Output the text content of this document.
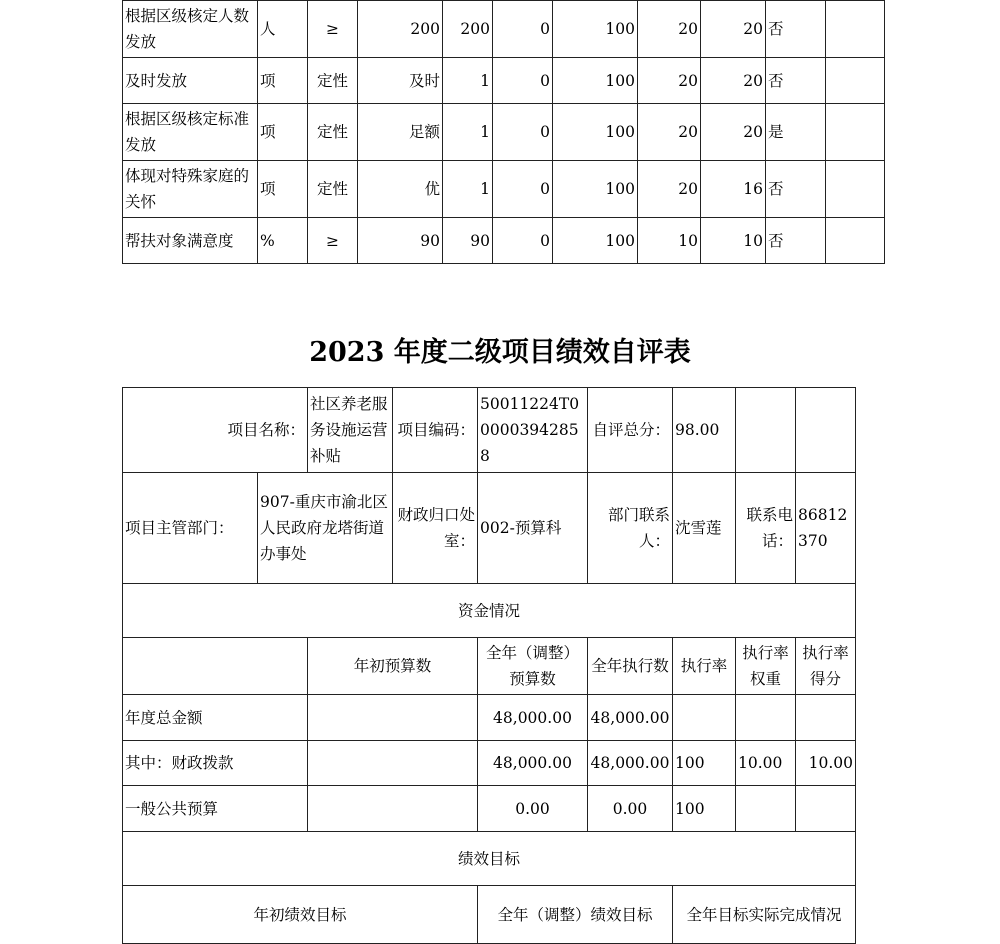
根据区级核定人数发放	人	≥	200	200	0	100	20	20	否	
及时发放	项	定性	及时	1	0	100	20	20	否	
根据区级核定标准发放	项	定性	足额	1	0	100	20	20	是	
体现对特殊家庭的关怀	项	定性	优	1	0	100	20	16	否	
帮扶对象满意度	%	≥	90	90	0	100	10	10	否	
2023 年度二级项目绩效自评表
项目名称：		社区养老服务设施运营补贴	项目编码：	50011224T000003942858	自评总分：	98.00		
项目主管部门：	907-重庆市渝北区人民政府龙塔街道办事处		财政归口处室：	002-预算科	部门联系人：	沈雪莲	联系电话：	86812370
资金情况								
		年初预算数		全年（调整）预算数	全年执行数	执行率	执行率权重	执行率得分
年度总金额				48,000.00	48,000.00			
其中：财政拨款				48,000.00	48,000.00	100	10.00	10.00
一般公共预算				0.00	0.00	100		
绩效目标								
年初绩效目标				全年（调整）绩效目标		全年目标实际完成情况		
